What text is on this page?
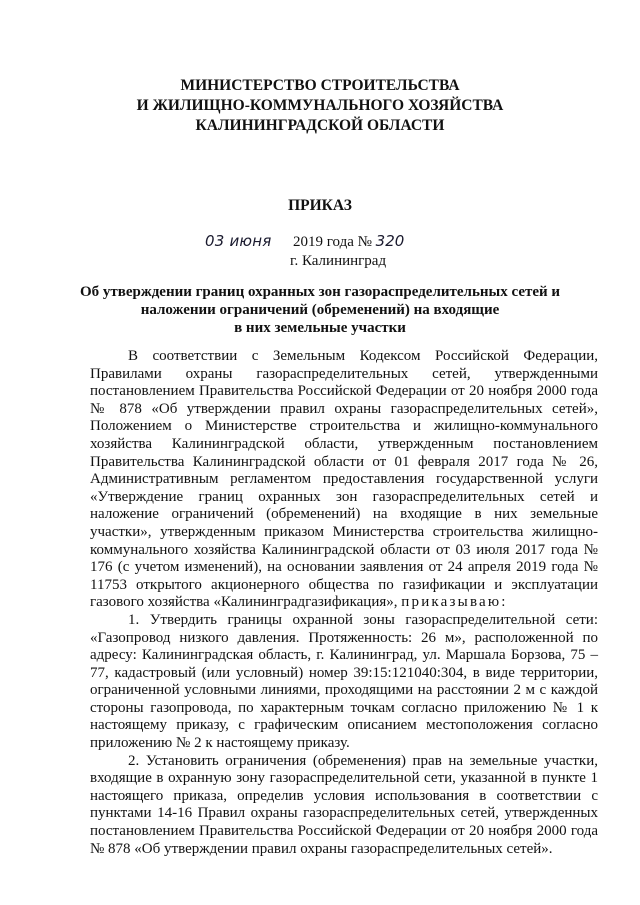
МИНИСТЕРСТВО СТРОИТЕЛЬСТВА
И ЖИЛИЩНО-КОММУНАЛЬНОГО ХОЗЯЙСТВА
КАЛИНИНГРАДСКОЙ ОБЛАСТИ
ПРИКАЗ
03 июня 2019 года № 320
г. Калининград
Об утверждении границ охранных зон газораспределительных сетей и
наложении ограничений (обременений) на входящие
в них земельные участки

В соответствии с Земельным Кодексом Российской Федерации, Правилами охраны газораспределительных сетей, утвержденными постановлением Правительства Российской Федерации от 20 ноября 2000 года № 878 «Об утверждении правил охраны газораспределительных сетей», Положением о Министерстве строительства и жилищно-коммунального хозяйства Калининградской области, утвержденным постановлением Правительства Калининградской области от 01 февраля 2017 года № 26, Административным регламентом предоставления государственной услуги «Утверждение границ охранных зон газораспределительных сетей и наложение ограничений (обременений) на входящие в них земельные участки», утвержденным приказом Министерства строительства жилищно-коммунального хозяйства Калининградской области от 03 июля 2017 года № 176 (с учетом изменений), на основании заявления от 24 апреля 2019 года № 11753 открытого акционерного общества по газификации и эксплуатации газового хозяйства «Калининградгазификация», приказываю:

1. Утвердить границы охранной зоны газораспределительной сети: «Газопровод низкого давления. Протяженность: 26 м», расположенной по адресу: Калининградская область, г. Калининград, ул. Маршала Борзова, 75 – 77, кадастровый (или условный) номер 39:15:121040:304, в виде территории, ограниченной условными линиями, проходящими на расстоянии 2 м с каждой стороны газопровода, по характерным точкам согласно приложению № 1 к настоящему приказу, с графическим описанием местоположения согласно приложению № 2 к настоящему приказу.

2. Установить ограничения (обременения) прав на земельные участки, входящие в охранную зону газораспределительной сети, указанной в пункте 1 настоящего приказа, определив условия использования в соответствии с пунктами 14-16 Правил охраны газораспределительных сетей, утвержденных постановлением Правительства Российской Федерации от 20 ноября 2000 года № 878 «Об утверждении правил охраны газораспределительных сетей».
